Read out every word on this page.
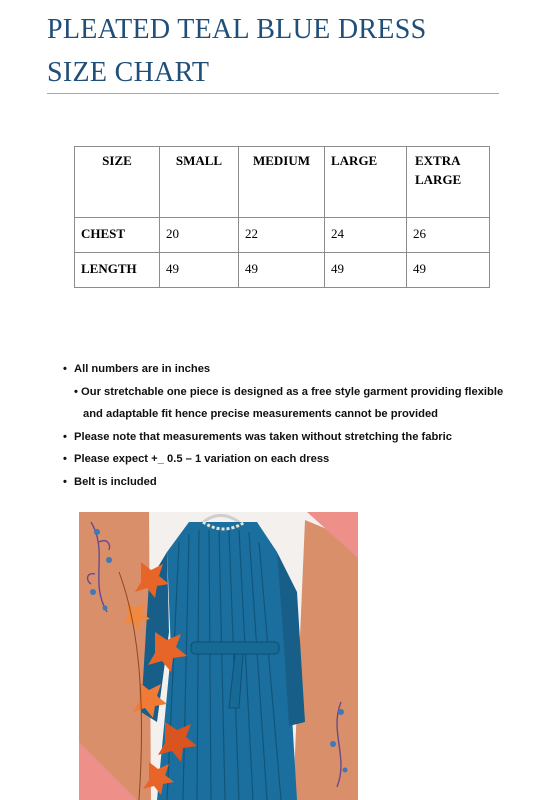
PLEATED TEAL BLUE DRESS
SIZE CHART
SIZE	SMALL	MEDIUM	LARGE	EXTRA LARGE
CHEST	20	22	24	26
LENGTH	49	49	49	49
• All numbers are in inches
• Our stretchable one piece is designed as a free style garment providing flexible and adaptable fit hence precise measurements cannot be provided
• Please note that measurements was taken without stretching the fabric
• Please expect +_ 0.5 – 1 variation on each dress
• Belt is included
